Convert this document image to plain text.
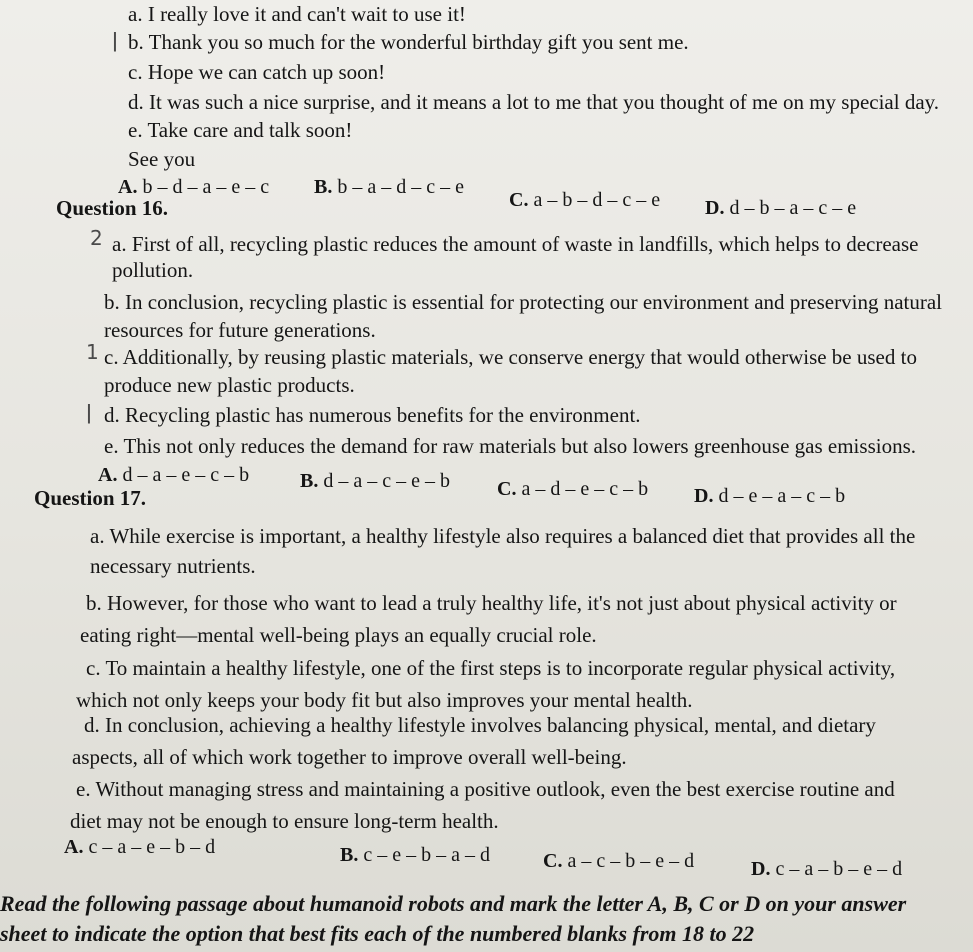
a. I really love it and can't wait to use it!
ǀ b. Thank you so much for the wonderful birthday gift you sent me.
c. Hope we can catch up soon!
d. It was such a nice surprise, and it means a lot to me that you thought of me on my special day.
e. Take care and talk soon!
See you
A. b – d – a – e – c B. b – a – d – c – e
C. a – b – d – c – e D. d – b – a – c – e
Question 16.
2 a. First of all, recycling plastic reduces the amount of waste in landfills, which helps to decrease
pollution.
b. In conclusion, recycling plastic is essential for protecting our environment and preserving natural
resources for future generations.
1 c. Additionally, by reusing plastic materials, we conserve energy that would otherwise be used to
produce new plastic products.
ǀ d. Recycling plastic has numerous benefits for the environment.
e. This not only reduces the demand for raw materials but also lowers greenhouse gas emissions.
A. d – a – e – c – b	B. d – a – c – e – b C. a – d – e – c – b D. d – e – a – c – b
Question 17.
a. While exercise is important, a healthy lifestyle also requires a balanced diet that provides all the
necessary nutrients.
b. However, for those who want to lead a truly healthy life, it's not just about physical activity or
eating right—mental well-being plays an equally crucial role.
c. To maintain a healthy lifestyle, one of the first steps is to incorporate regular physical activity,
which not only keeps your body fit but also improves your mental health.
d. In conclusion, achieving a healthy lifestyle involves balancing physical, mental, and dietary
aspects, all of which work together to improve overall well-being.
e. Without managing stress and maintaining a positive outlook, even the best exercise routine and
diet may not be enough to ensure long-term health.
A. c – a – e – b – d	B. c – e – b – a – d	C. a – c – b – e – d	D. c – a – b – e – d
Read the following passage about humanoid robots and mark the letter A, B, C or D on your answer
sheet to indicate the option that best fits each of the numbered blanks from 18 to 22
